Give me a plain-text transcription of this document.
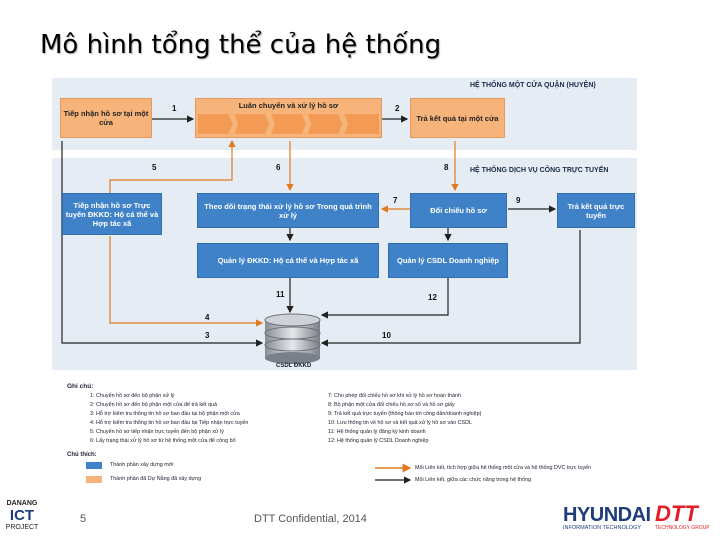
Mô hình tổng thể của hệ thống
HỆ THỐNG MỘT CỬA QUẬN (HUYỆN)
HỆ THỐNG DỊCH VỤ CÔNG TRỰC TUYẾN
Tiếp nhận hồ sơ tại một cửa
Luân chuyển và xử lý hồ sơ
Trả kết quả tại một cửa
Tiếp nhận hồ sơ Trực tuyến ĐKKD: Hộ cá thể và Hợp tác xã
Theo dõi trạng thái xử lý hồ sơ Trong quá trình xử lý	Đối chiếu hồ sơ	Trả kết quả trực tuyến
Quản lý ĐKKD: Hộ cá thể và Hợp tác xã	Quản lý CSDL Doanh nghiệp
CSDL ĐKKD
1	2
3
4
5	6
7
8
9
10
11	12
Ghi chú:
1: Chuyển hồ sơ đến bộ phận xử lý
2: Chuyển hồ sơ đến bộ phận một cửa để trả kết quả
3: Hỗ trợ kiểm tra thông tin hồ sơ ban đầu tại bộ phận một cửa
4: Hỗ trợ kiểm tra thông tin hồ sơ ban đầu tại Tiếp nhận trực tuyến
5: Chuyển hồ sơ tiếp nhận trực tuyến đến bộ phận xử lý
6: Lấy trạng thái xử lý hồ sơ từ hệ thống một cửa để công bố
7: Cho phép đối chiếu hồ sơ khi xử lý hồ sơ hoàn thành
8: Bộ phận một cửa đối chiếu hồ sơ số và hồ sơ giấy
9: Trả kết quả trực tuyến (thông báo tới công dân/doanh nghiệp)
10: Lưu thông tin về hồ sơ và kết quả xử lý hồ sơ vào CSDL
11: Hệ thống quản lý đăng ký kinh doanh
12: Hệ thống quản lý CSDL Doanh nghiệp
Chú thích:
Thành phần xây dựng mới
Thành phần đã Dự Nẵng đã xây dựng
Mối Liên kết, tích hợp giữa hệ thống một cửa và hệ thống DVC trực tuyến
Mối Liên kết, giữa các chức năng trong hệ thống
DANANG
ICT
PROJECT
5	DTT Confidential, 2014	HYUNDAI
INFORMATION TECHNOLOGY
DTT
TECHNOLOGY GROUP
